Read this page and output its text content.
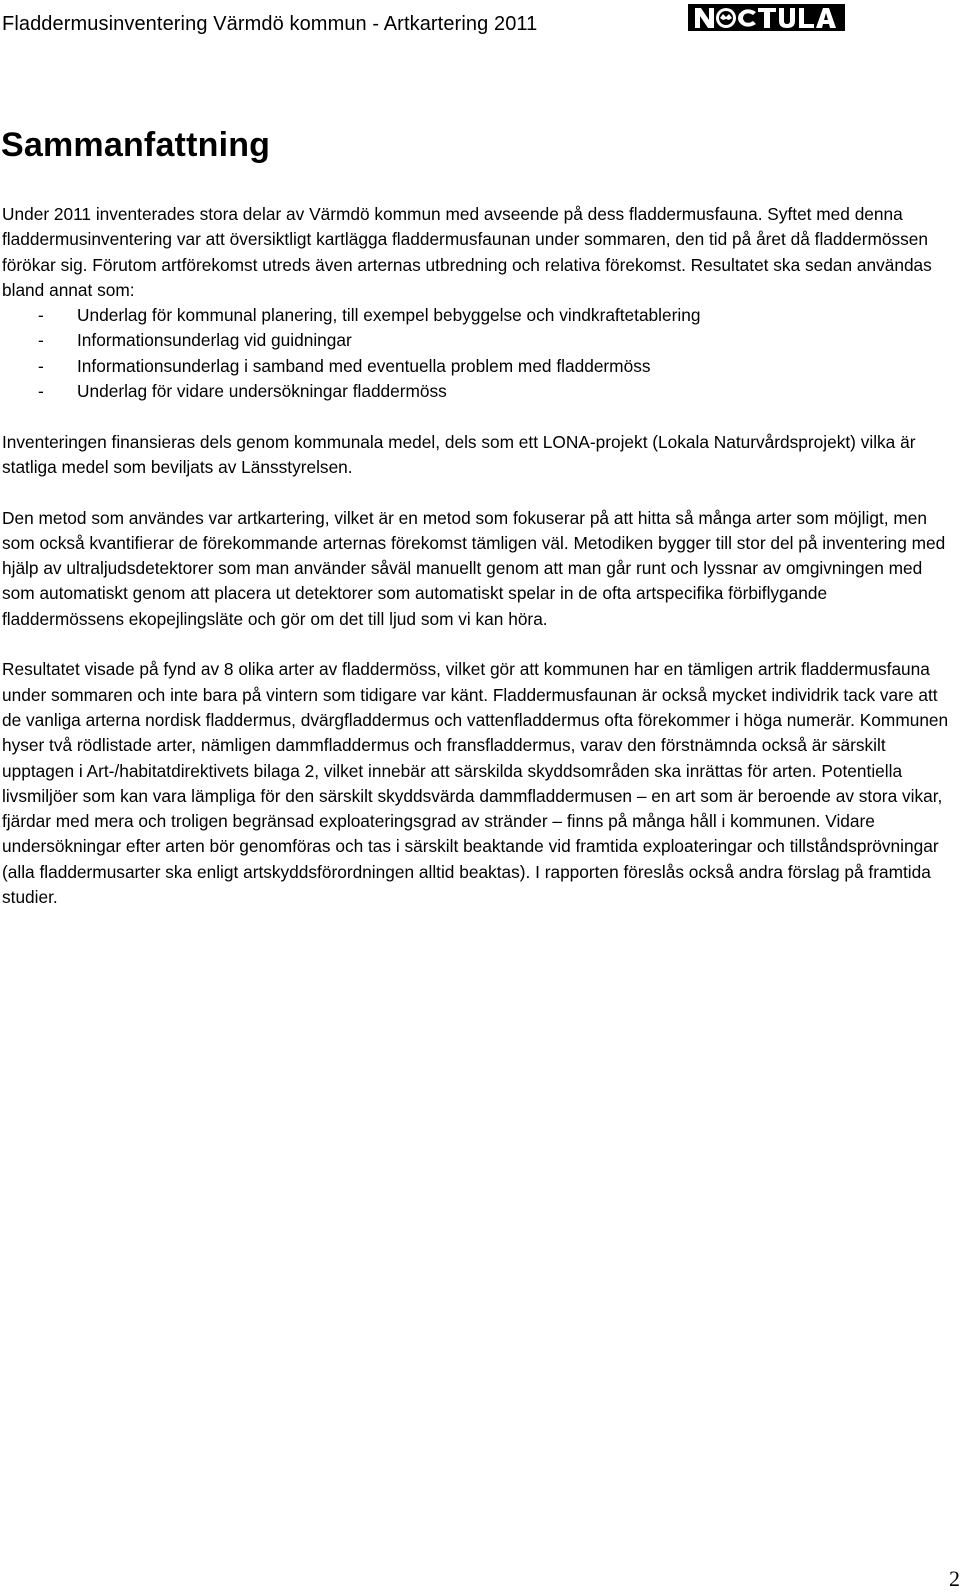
Fladdermusinventering Värmdö kommun - Artkartering 2011
Sammanfattning

Under 2011 inventerades stora delar av Värmdö kommun med avseende på dess fladdermusfauna. Syftet med denna fladdermusinventering var att översiktligt kartlägga fladdermusfaunan under sommaren, den tid på året då fladdermössen förökar sig. Förutom artförekomst utreds även arternas utbredning och relativa förekomst. Resultatet ska sedan användas bland annat som:

- Underlag för kommunal planering, till exempel bebyggelse och vindkraftetablering
- Informationsunderlag vid guidningar
- Informationsunderlag i samband med eventuella problem med fladdermöss
- Underlag för vidare undersökningar fladdermöss

Inventeringen finansieras dels genom kommunala medel, dels som ett LONA-projekt (Lokala Naturvårdsprojekt) vilka är statliga medel som beviljats av Länsstyrelsen.

Den metod som användes var artkartering, vilket är en metod som fokuserar på att hitta så många arter som möjligt, men som också kvantifierar de förekommande arternas förekomst tämligen väl. Metodiken bygger till stor del på inventering med hjälp av ultraljudsdetektorer som man använder såväl manuellt genom att man går runt och lyssnar av omgivningen med som automatiskt genom att placera ut detektorer som automatiskt spelar in de ofta artspecifika förbiflygande fladdermössens ekopejlingsläte och gör om det till ljud som vi kan höra.

Resultatet visade på fynd av 8 olika arter av fladdermöss, vilket gör att kommunen har en tämligen artrik fladdermusfauna under sommaren och inte bara på vintern som tidigare var känt. Fladdermusfaunan är också mycket individrik tack vare att de vanliga arterna nordisk fladdermus, dvärgfladdermus och vattenfladdermus ofta förekommer i höga numerär. Kommunen hyser två rödlistade arter, nämligen dammfladdermus och fransfladdermus, varav den förstnämnda också är särskilt upptagen i Art-/habitatdirektivets bilaga 2, vilket innebär att särskilda skyddsområden ska inrättas för arten. Potentiella livsmiljöer som kan vara lämpliga för den särskilt skyddsvärda dammfladdermusen – en art som är beroende av stora vikar, fjärdar med mera och troligen begränsad exploateringsgrad av stränder – finns på många håll i kommunen. Vidare undersökningar efter arten bör genomföras och tas i särskilt beaktande vid framtida exploateringar och tillståndsprövningar (alla fladdermusarter ska enligt artskyddsförordningen alltid beaktas). I rapporten föreslås också andra förslag på framtida studier.

2
